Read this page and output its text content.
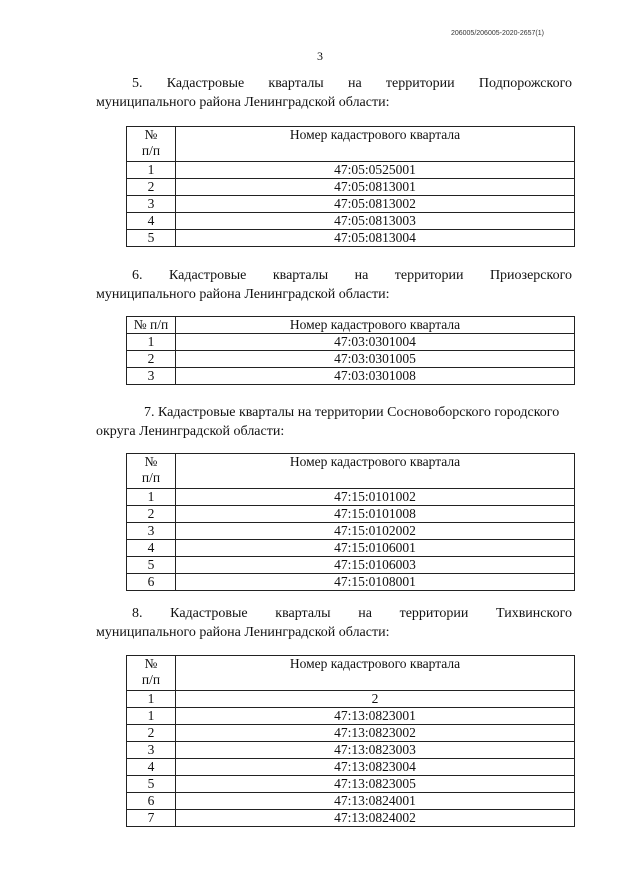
206005/206005-2020-2657(1)
3

5. Кадастровые кварталы на территории Подпорожского
муниципального района Ленинградской области:

№
п/п	Номер кадастрового квартала
1	47:05:0525001
2	47:05:0813001
3	47:05:0813002
4	47:05:0813003
5	47:05:0813004

6. Кадастровые кварталы на территории Приозерского
муниципального района Ленинградской области:

№ п/п	Номер кадастрового квартала
1	47:03:0301004
2	47:03:0301005
3	47:03:0301008

7. Кадастровые кварталы на территории Сосновоборского городского
округа Ленинградской области:

№
п/п	Номер кадастрового квартала
1	47:15:0101002
2	47:15:0101008
3	47:15:0102002
4	47:15:0106001
5	47:15:0106003
6	47:15:0108001

8. Кадастровые кварталы на территории Тихвинского
муниципального района Ленинградской области:

№
п/п	Номер кадастрового квартала
1	2
1	47:13:0823001
2	47:13:0823002
3	47:13:0823003
4	47:13:0823004
5	47:13:0823005
6	47:13:0824001
7	47:13:0824002
